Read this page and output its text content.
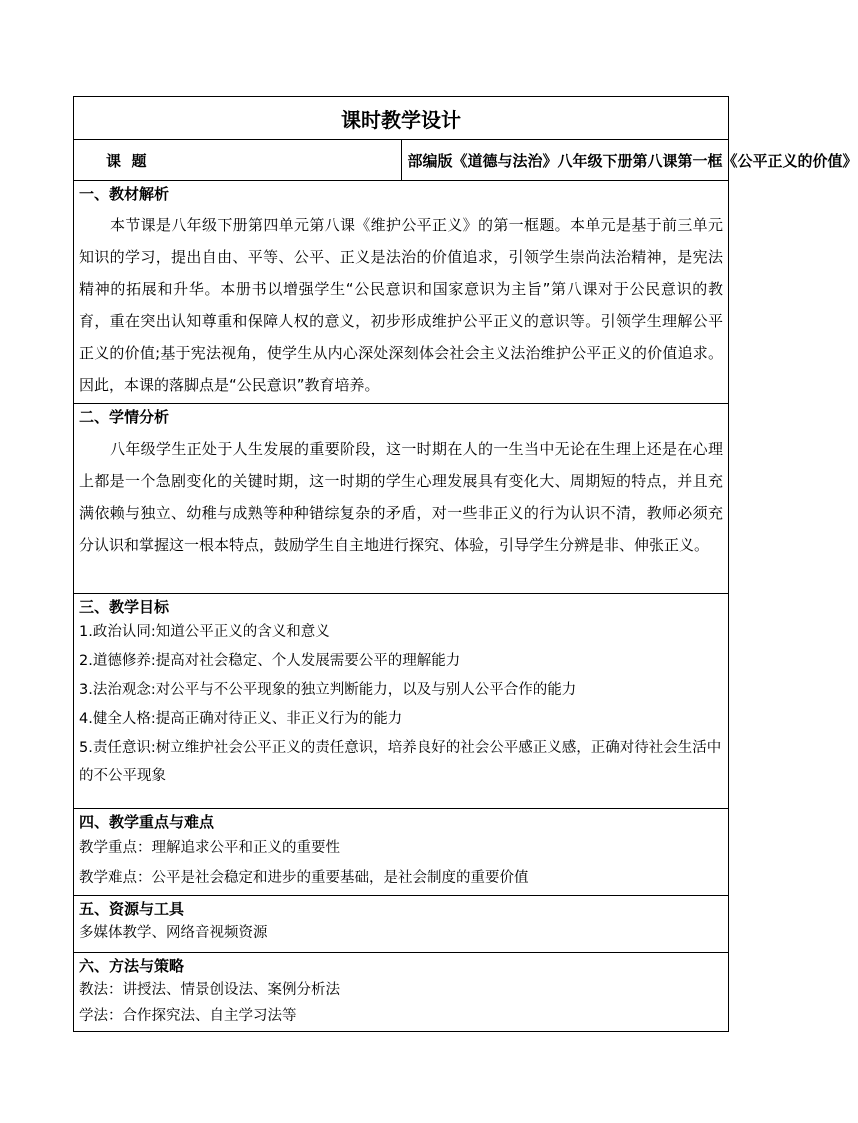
课时教学设计
课  题	部编版《道德与法治》八年级下册第八课第一框《公平正义的价值》

一、教材解析

本节课是八年级下册第四单元第八课《维护公平正义》的第一框题。本单元是基于前三单元知识的学习，提出自由、平等、公平、正义是法治的价值追求，引领学生崇尚法治精神，是宪法精神的拓展和升华。本册书以增强学生“公民意识和国家意识为主旨”第八课对于公民意识的教育，重在突出认知尊重和保障人权的意义，初步形成维护公平正义的意识等。引领学生理解公平正义的价值;基于宪法视角，使学生从内心深处深刻体会社会主义法治维护公平正义的价值追求。因此，本课的落脚点是“公民意识”教育培养。

二、学情分析

八年级学生正处于人生发展的重要阶段，这一时期在人的一生当中无论在生理上还是在心理上都是一个急剧变化的关键时期，这一时期的学生心理发展具有变化大、周期短的特点，并且充满依赖与独立、幼稚与成熟等种种错综复杂的矛盾，对一些非正义的行为认识不清，教师必须充分认识和掌握这一根本特点，鼓励学生自主地进行探究、体验，引导学生分辨是非、伸张正义。

三、教学目标

1.政治认同:知道公平正义的含义和意义

2.道德修养:提高对社会稳定、个人发展需要公平的理解能力

3.法治观念:对公平与不公平现象的独立判断能力，以及与别人公平合作的能力

4.健全人格:提高正确对待正义、非正义行为的能力

5.责任意识:树立维护社会公平正义的责任意识，培养良好的社会公平感正义感，正确对待社会生活中的不公平现象

四、教学重点与难点

教学重点：理解追求公平和正义的重要性

教学难点：公平是社会稳定和进步的重要基础，是社会制度的重要价值

五、资源与工具

多媒体教学、网络音视频资源

六、方法与策略

教法：讲授法、情景创设法、案例分析法

学法：合作探究法、自主学习法等
